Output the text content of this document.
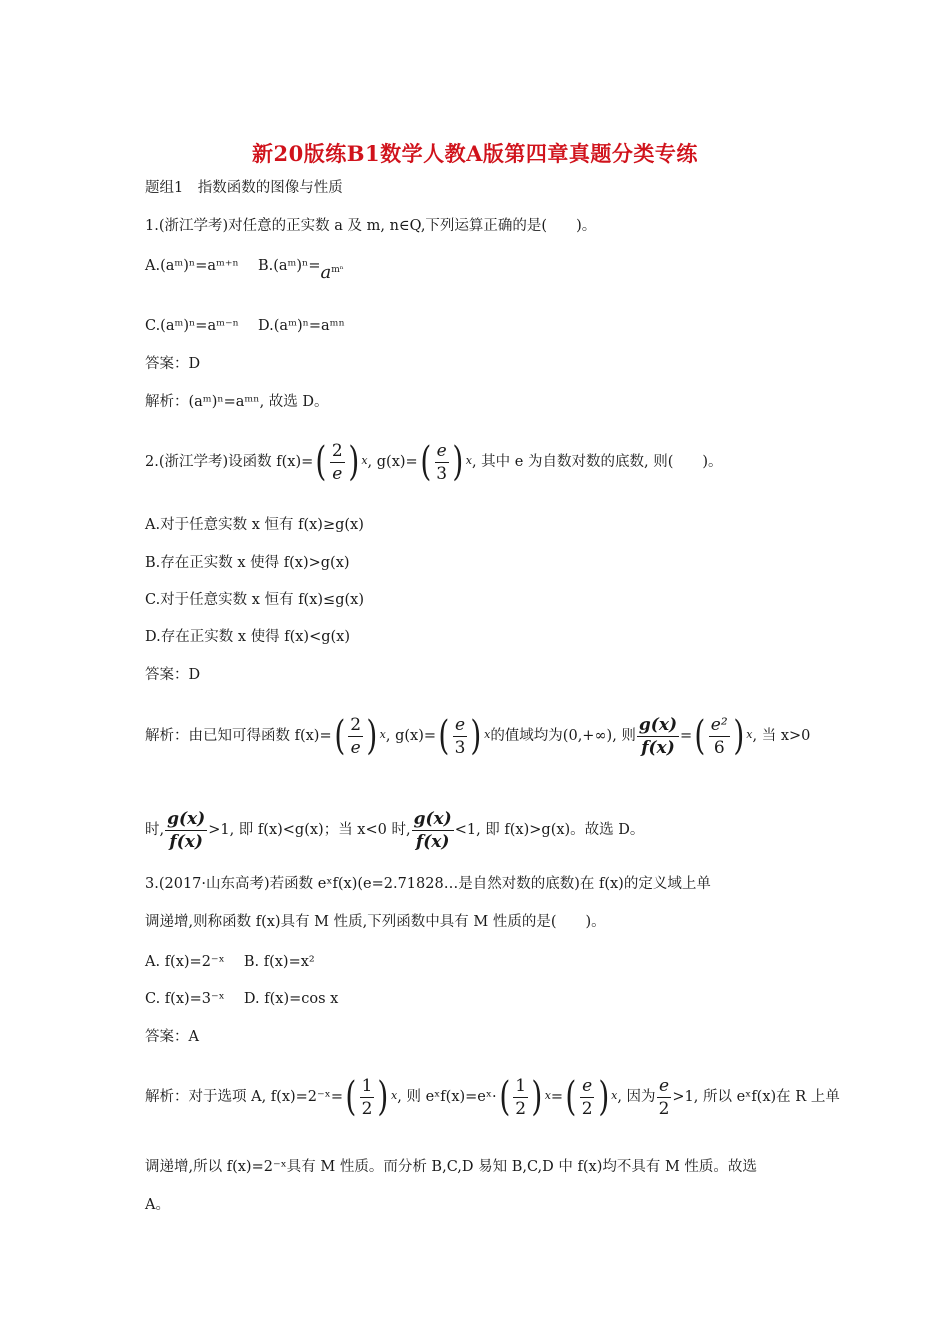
新20版练B1数学人教A版第四章真题分类专练
题组1　指数函数的图像与性质
1.(浙江学考)对任意的正实数 a 及 m, n∈Q,下列运算正确的是(　　)。
A.(aᵐ)ⁿ=aᵐ⁺ⁿ　 $B.(aᵐ)^n=a^{m^n}$
C.(aᵐ)ⁿ=aᵐ⁻ⁿ　 D.(aᵐ)ⁿ=aᵐⁿ
答案：D
解析：(aᵐ)ⁿ=aᵐⁿ, 故选 D。
2.(浙江学考)设函数 f(x)= ( $\frac{2}{e}$ ) x , g(x)= ( $\frac{e}{3}$ ) x , 其中 e 为自数对数的底数, 则(　　)。
A.对于任意实数 x 恒有 f(x)≥g(x)
B.存在正实数 x 使得 f(x)>g(x)
C.对于任意实数 x 恒有 f(x)≤g(x)
D.存在正实数 x 使得 f(x)<g(x)
答案：D
解析：由已知可得函数 f(x)= ( $\frac{2}{e}$ ) x , g(x)= ( $\frac{e}{3}$ ) x 的值域均为(0,+∞), 则 $\frac{g(x)}{f(x)}$ = ( $\frac{\text{e²}}{6}$ ) x , 当 x>0
时, $\frac{g(x)}{f(x)} >1$, 即 f(x)<g(x)；当 x<0 时, $\frac{g(x)}{f(x)} <1$, 即 f(x)>g(x)。故选 D。
3.(2017·山东高考)若函数 eˣf(x)(e=2.71828…是自然对数的底数)在 f(x)的定义域上单
调递增,则称函数 f(x)具有 M 性质,下列函数中具有 M 性质的是(　　)。
A. f(x)=2⁻ˣ　 B. f(x)=x²
C. f(x)=3⁻ˣ　 D. f(x)=cos x
答案：A
解析：对于选项 A, f(x)=2⁻ˣ= ( $\frac{1}{2}$ ) x , 则 eˣf(x)=eˣ· ( $\frac{1}{2}$ ) x = ( $\frac{e}{2}$ ) x , 因为 $\frac{e}{2} >1$, 所以 eˣf(x)在 R 上单
调递增,所以 f(x)=2⁻ˣ具有 M 性质。而分析 B,C,D 易知 B,C,D 中 f(x)均不具有 M 性质。故选
A。
